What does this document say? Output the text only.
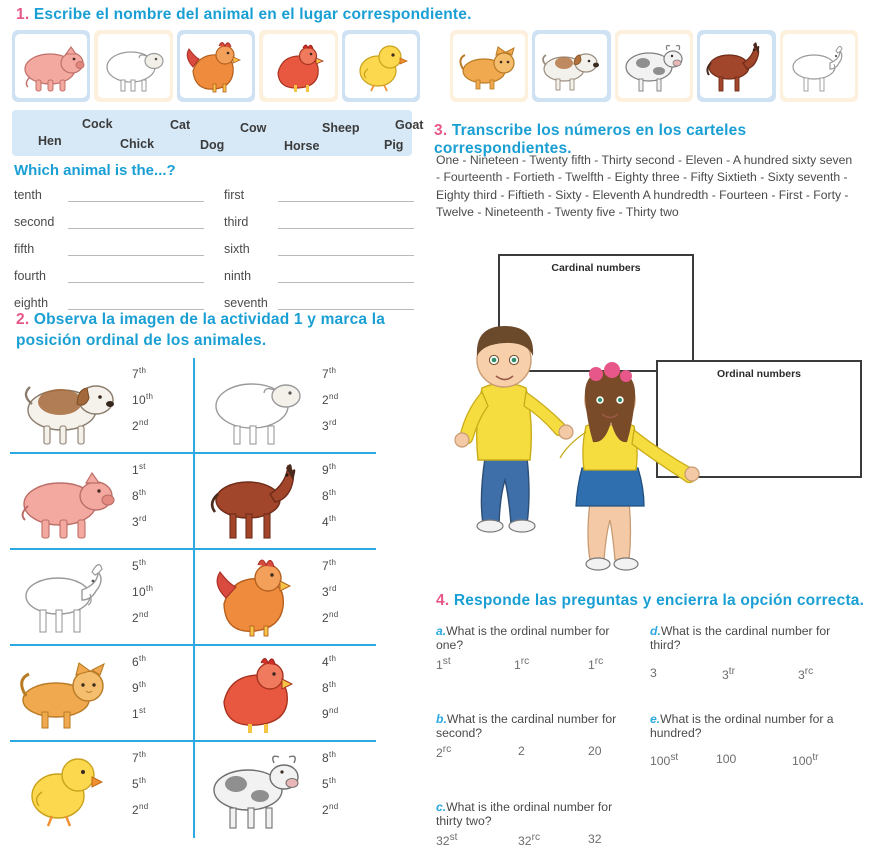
1. Escribe el nombre del animal en el lugar correspondiente.
Hen
Cock
Chick
Cat
Dog
Cow
Horse
Sheep	Goat
Pig
Which animal is the...?
tenth
second
fifth
fourth
eighth
first
third
sixth
ninth
seventh
2. Observa la imagen de la actividad 1 y marca la posición ordinal de los animales.
7th
10th
2nd
7th
2nd
3rd
1st
8th
3rd
9th
8th
4th
5th
10th
2nd
7th
3rd
2nd
6th
9th
1st
4th
8th
9nd
7th
5th
2nd
8th
5th
2nd
3. Transcribe los números en los carteles correspondientes.
One - Nineteen - Twenty fifth - Thirty second - Eleven - A hundred sixty seven - Fourteenth - Fortieth - Twelfth - Eighty three - Fifty Sixtieth - Sixty seventh - Eighty third - Fiftieth - Sixty - Eleventh A hundredth - Fourteen - First - Forty - Twelve - Nineteenth - Twenty five - Thirty two
Cardinal numbers
Ordinal numbers
4. Responde las preguntas y encierra la opción correcta.
a.What is the ordinal number for one?
1st	$1^{rc}$	$1^{rc}$
d.What is the cardinal number for third?
3	$3^{tr}$	$3^{rc}$
b.What is the cardinal number for second?
$2^{rc}$	2	20
e.What is the ordinal number for a hundred?
100st	100	$100^{tr}$
c.What is ithe ordinal number for thirty two?
32st	$32^{rc}$	32
